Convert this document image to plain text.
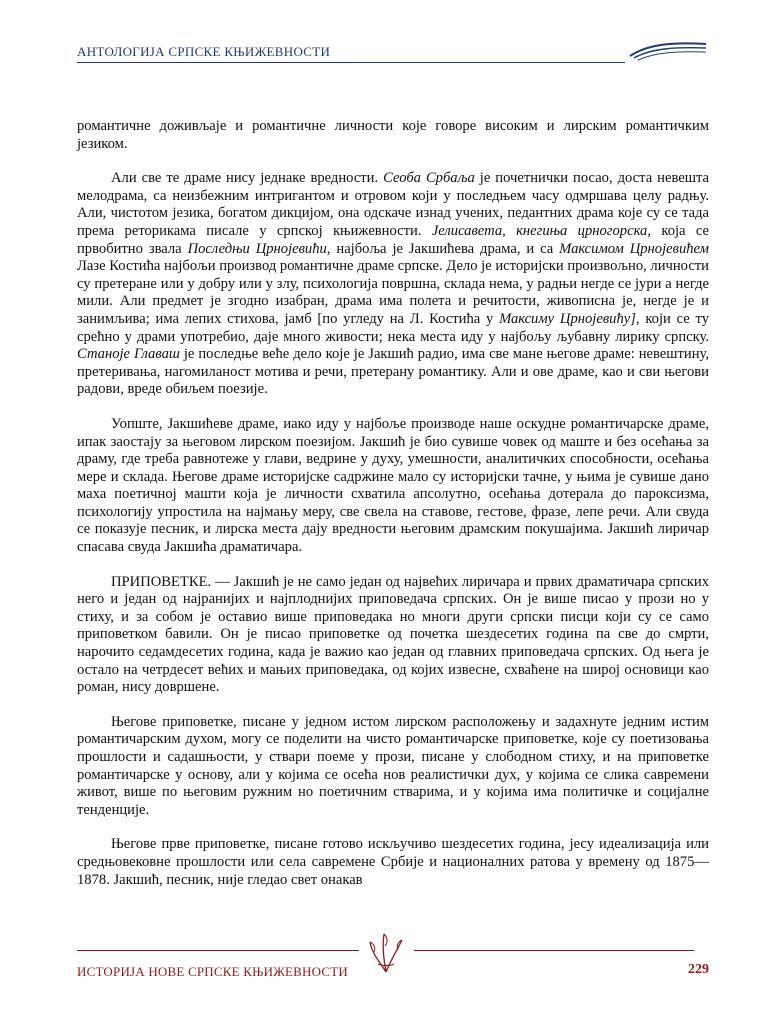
АНТОЛОГИЈА СРПСКЕ КЊИЖЕВНОСТИ

романтичне доживљаје и романтичне личности које говоре високим и лирским романтичким језиком.

Али све те драме нису једнаке вредности. Сеоба Србаља је почетнички посао, доста невешта мелодрама, са неизбежним интригантом и отровом који у последњем часу одмршава целу радњу. Али, чистотом језика, богатом дикцијом, она одскаче изнад учених, педантних драма које су се тада према реторикама писале у српској књижевности. Јелисавета, кнегиња црногорска, која се првобитно звала Последњи Црнојевићи, најбоља је Јакшићева драма, и са Максимом Црнојевићем Лазе Костића најбољи производ романтичне драме српске. Дело је историјски произвољно, личности су претеране или у добру или у злу, психологија површна, склада нема, у радњи негде се јури а негде мили. Али предмет је згодно изабран, драма има полета и речитости, живописна је, негде је и занимљива; има лепих стихова, јамб [по угледу на Л. Костића у Максиму Црнојевићу], који се ту срећно у драми употребио, даје много живости; нека места иду у најбољу љубавну лирику српску. Станоје Главаш је последње веће дело које је Јакшић радио, има све мане његове драме: невештину, претеривања, нагомиланост мотива и речи, претерану романтику. Али и ове драме, као и сви његови радови, вреде обиљем поезије.

Уопште, Јакшићеве драме, иако иду у најбоље производе наше оскудне романтичарске драме, ипак заостају за његовом лирском поезијом. Јакшић је био сувише човек од маште и без осећања за драму, где треба равнотеже у глави, ведрине у духу, умешности, аналитичких способности, осећања мере и склада. Његове драме историјске садржине мало су историјски тачне, у њима је сувише дано маха поетичној машти која је личности схватила апсолутно, осећања дотерала до пароксизма, психологију упростила на најмању меру, све свела на ставове, гестове, фразе, лепе речи. Али свуда се показује песник, и лирска места дају вредности његовим драмским покушајима. Јакшић лиричар спасава свуда Јакшића драматичара.

ПРИПОВЕТКЕ. — Јакшић је не само један од највећих лиричара и првих драматичара српских него и један од најранијих и најплоднијих приповедача српских. Он је више писао у прози но у стиху, и за собом је оставио више приповедака но многи други српски писци који су се само приповетком бавили. Он је писао приповетке од почетка шездесетих година па све до смрти, нарочито седамдесетих година, када је важио као један од главних приповедача српских. Од њега је остало на четрдесет већих и мањих приповедака, од којих извесне, схваћене на широј основици као роман, нису довршене.

Његове приповетке, писане у једном истом лирском расположењу и задахнуте једним истим романтичарским духом, могу се поделити на чисто романтичарске приповетке, које су поетизовања прошлости и садашњости, у ствари поеме у прози, писане у слободном стиху, и на приповетке романтичарске у основу, али у којима се осећа нов реалистички дух, у којима се слика савремени живот, више по његовим ружним но поетичним стварима, и у којима има политичке и социјалне тенденције.

Његове прве приповетке, писане готово искључиво шездесетих година, јесу идеализација или средњовековне прошлости или села савремене Србије и националних ратова у времену од 1875—1878. Јакшић, песник, није гледао свет онакав

ИСТОРИЈА НОВЕ СРПСКЕ КЊИЖЕВНОСТИ	229
